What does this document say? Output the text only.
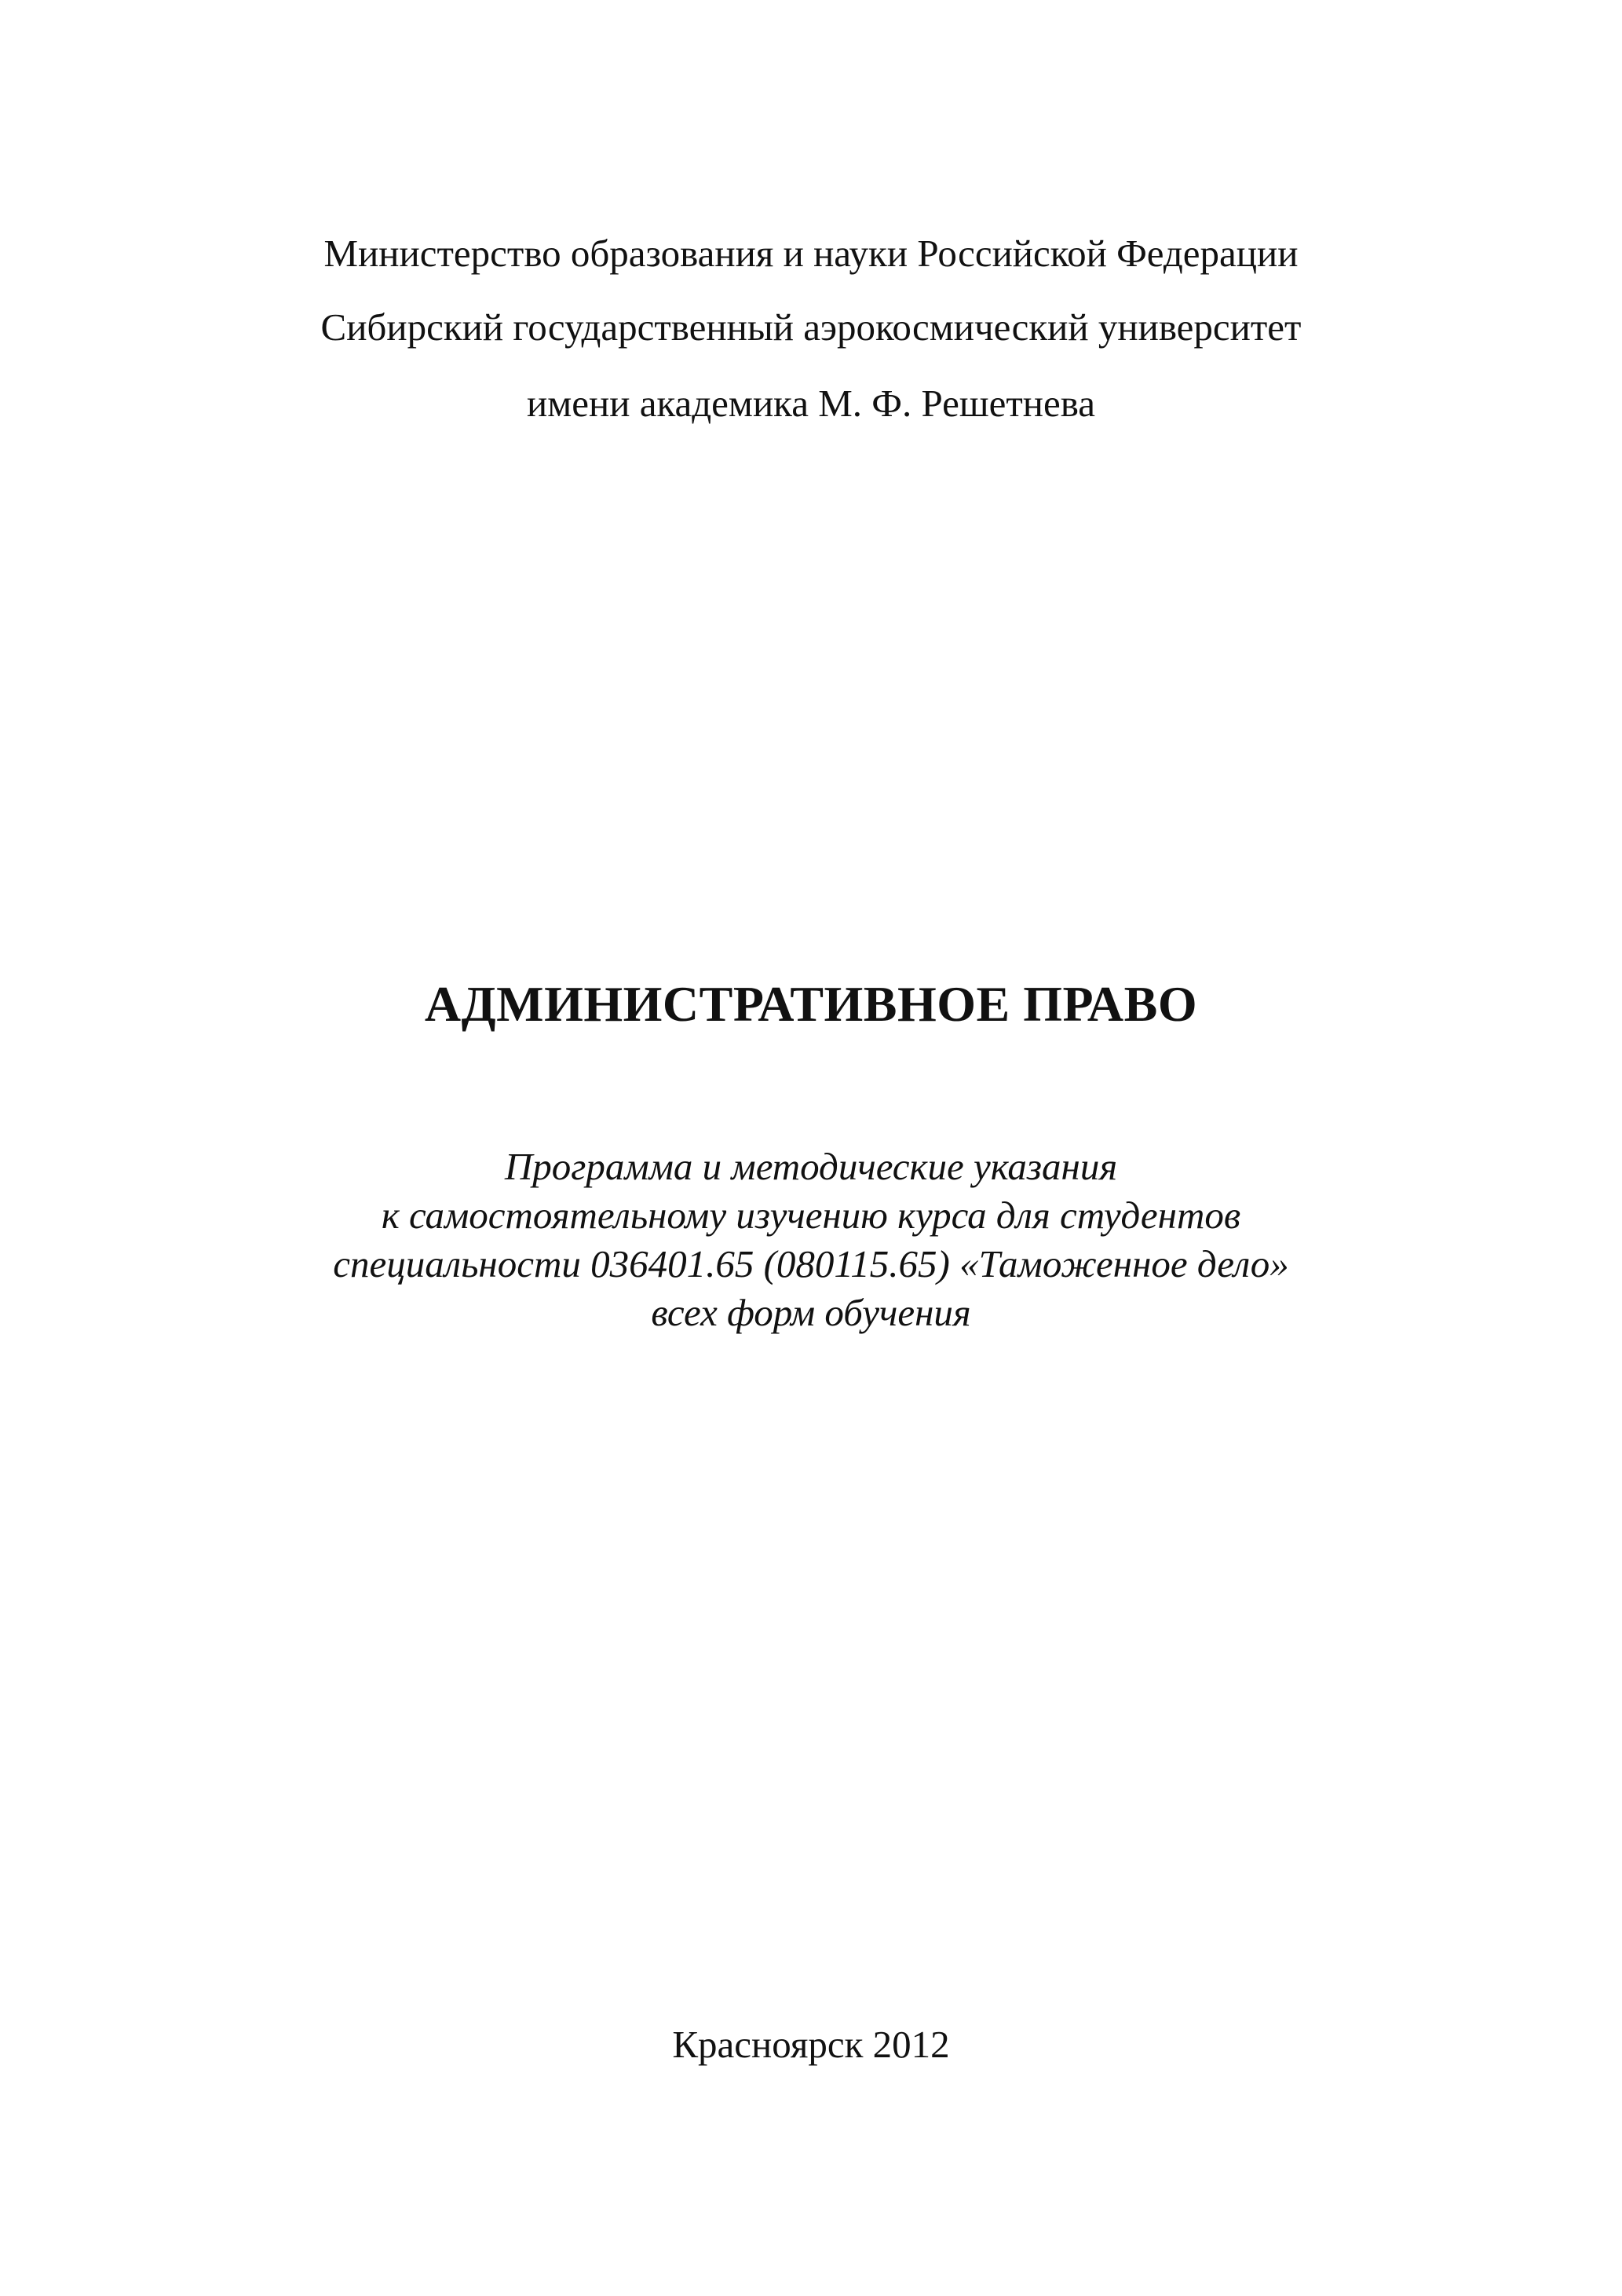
Министерство образования и науки Российской Федерации
Сибирский государственный аэрокосмический университет
имени академика М. Ф. Решетнева
АДМИНИСТРАТИВНОЕ ПРАВО
Программа и методические указания
к самостоятельному изучению курса для студентов
специальности 036401.65 (080115.65) «Таможенное дело»
всех форм обучения
Красноярск 2012
